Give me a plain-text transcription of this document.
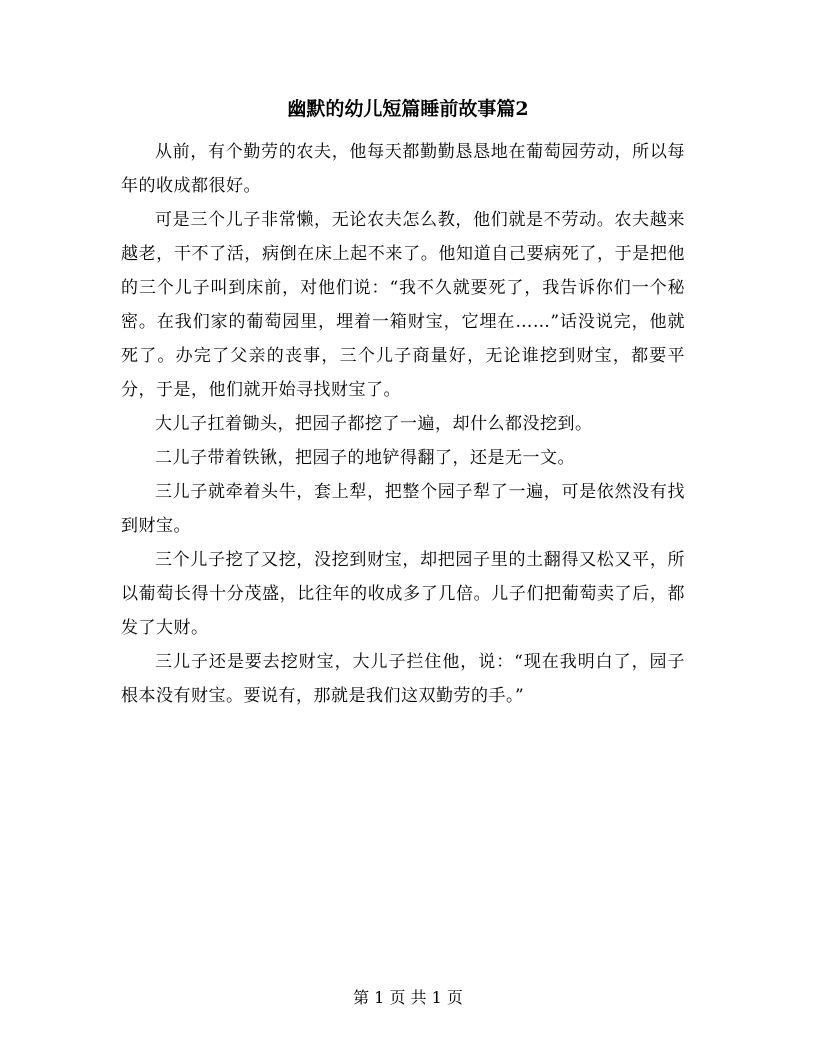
幽默的幼儿短篇睡前故事篇2

从前，有个勤劳的农夫，他每天都勤勤恳恳地在葡萄园劳动，所以每年的收成都很好。

可是三个儿子非常懒，无论农夫怎么教，他们就是不劳动。农夫越来越老，干不了活，病倒在床上起不来了。他知道自己要病死了，于是把他的三个儿子叫到床前，对他们说：“我不久就要死了，我告诉你们一个秘密。在我们家的葡萄园里，埋着一箱财宝，它埋在……”话没说完，他就死了。办完了父亲的丧事，三个儿子商量好，无论谁挖到财宝，都要平分，于是，他们就开始寻找财宝了。

大儿子扛着锄头，把园子都挖了一遍，却什么都没挖到。

二儿子带着铁锹，把园子的地铲得翻了，还是无一文。

三儿子就牵着头牛，套上犁，把整个园子犁了一遍，可是依然没有找到财宝。

三个儿子挖了又挖，没挖到财宝，却把园子里的土翻得又松又平，所以葡萄长得十分茂盛，比往年的收成多了几倍。儿子们把葡萄卖了后，都发了大财。

三儿子还是要去挖财宝，大儿子拦住他，说：“现在我明白了，园子根本没有财宝。要说有，那就是我们这双勤劳的手。”

第 1 页 共 1 页
